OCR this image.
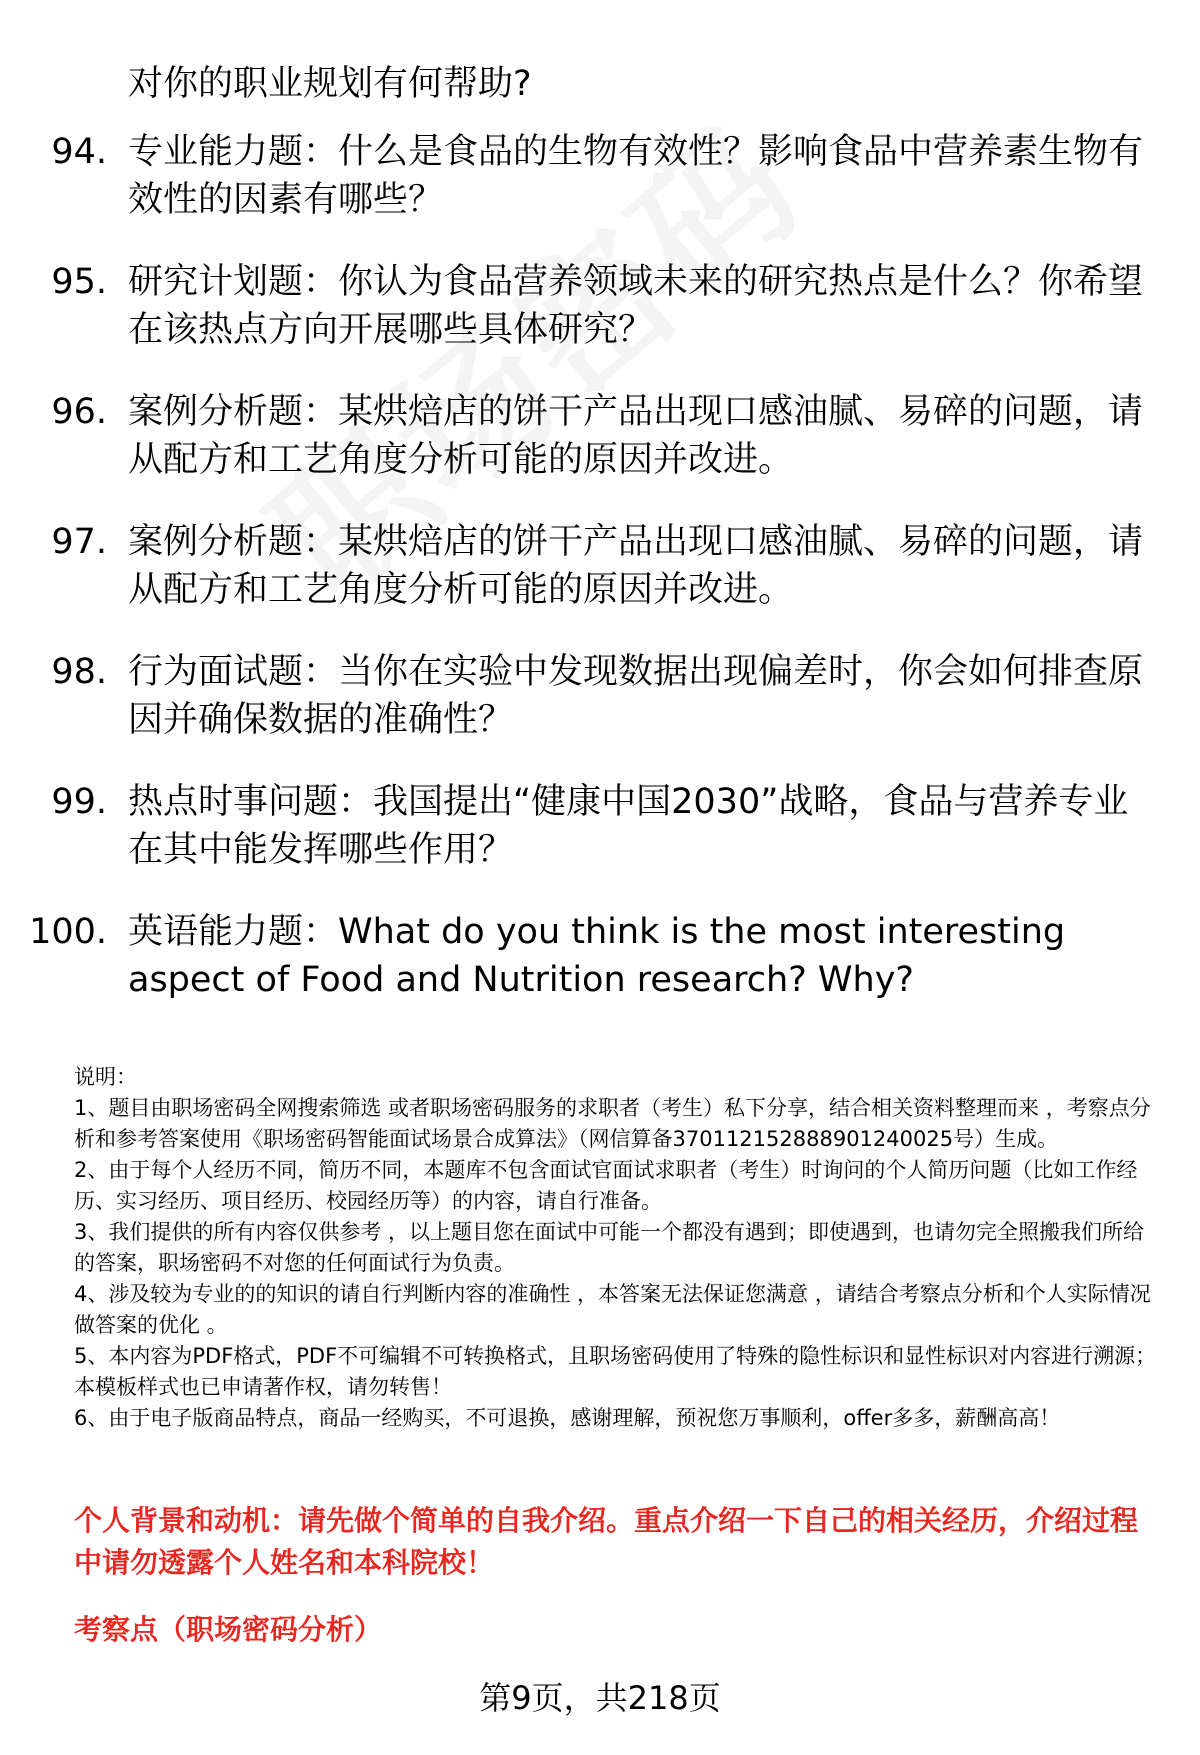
对你的职业规划有何帮助?
94. 专业能力题：什么是食品的生物有效性？影响食品中营养素生物有效性的因素有哪些？
95. 研究计划题：你认为食品营养领域未来的研究热点是什么？你希望在该热点方向开展哪些具体研究？
96. 案例分析题：某烘焙店的饼干产品出现口感油腻、易碎的问题，请从配方和工艺角度分析可能的原因并改进。
97. 案例分析题：某烘焙店的饼干产品出现口感油腻、易碎的问题，请从配方和工艺角度分析可能的原因并改进。
98. 行为面试题：当你在实验中发现数据出现偏差时，你会如何排查原因并确保数据的准确性？
99. 热点时事问题：我国提出“健康中国2030”战略，食品与营养专业在其中能发挥哪些作用？
100. 英语能力题：What do you think is the most interesting aspect of Food and Nutrition research? Why?
说明：
1、题目由职场密码全网搜索筛选 或者职场密码服务的求职者（考生）私下分享，结合相关资料整理而来 ，考察点分析和参考答案使用《职场密码智能面试场景合成算法》（网信算备370112152888901240025号）生成。
2、由于每个人经历不同，简历不同，本题库不包含面试官面试求职者（考生）时询问的个人简历问题（比如工作经历、实习经历、项目经历、校园经历等）的内容，请自行准备。
3、我们提供的所有内容仅供参考 ，以上题目您在面试中可能一个都没有遇到；即使遇到，也请勿完全照搬我们所给的答案，职场密码不对您的任何面试行为负责。
4、涉及较为专业的的知识的请自行判断内容的准确性 ，本答案无法保证您满意 ，请结合考察点分析和个人实际情况做答案的优化 。
5、本内容为PDF格式，PDF不可编辑不可转换格式，且职场密码使用了特殊的隐性标识和显性标识对内容进行溯源；本模板样式也已申请著作权，请勿转售！
6、由于电子版商品特点，商品一经购买，不可退换，感谢理解，预祝您万事顺利，offer多多，薪酬高高！
个人背景和动机：请先做个简单的自我介绍。重点介绍一下自己的相关经历，介绍过程中请勿透露个人姓名和本科院校！
考察点（职场密码分析）
第9页，共218页
